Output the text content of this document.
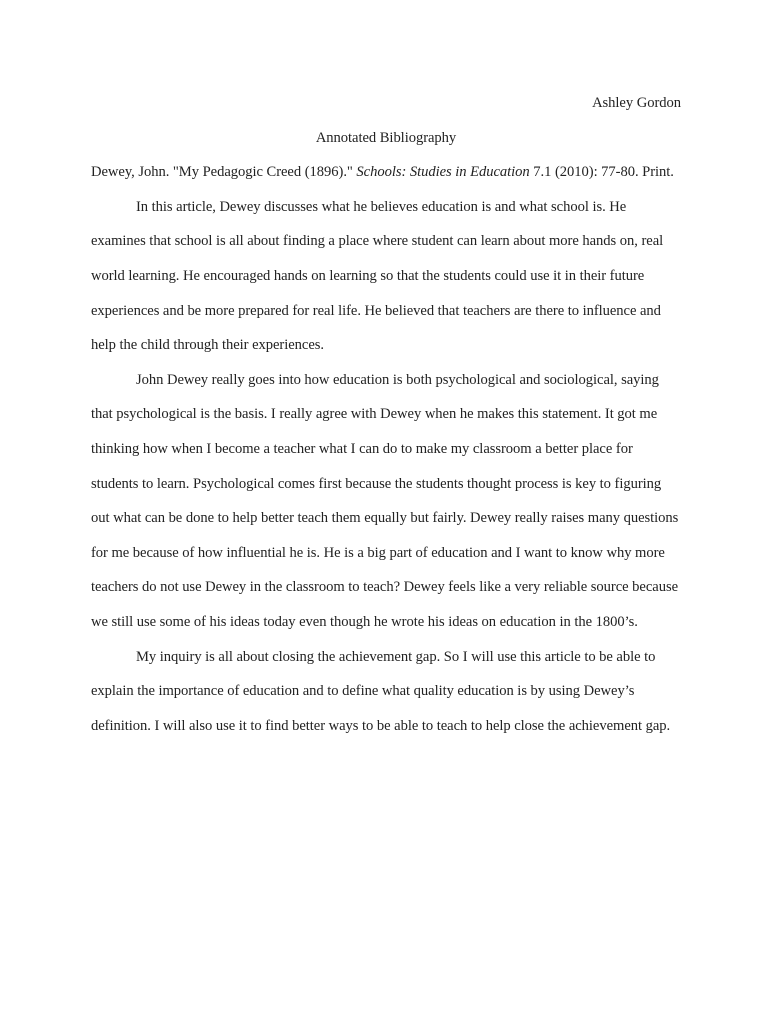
Ashley Gordon

Annotated Bibliography

Dewey, John. "My Pedagogic Creed (1896)." Schools: Studies in Education 7.1 (2010): 77-80. Print.

In this article, Dewey discusses what he believes education is and what school is. He examines that school is all about finding a place where student can learn about more hands on, real world learning. He encouraged hands on learning so that the students could use it in their future experiences and be more prepared for real life. He believed that teachers are there to influence and help the child through their experiences.

John Dewey really goes into how education is both psychological and sociological, saying that psychological is the basis. I really agree with Dewey when he makes this statement. It got me thinking how when I become a teacher what I can do to make my classroom a better place for students to learn. Psychological comes first because the students thought process is key to figuring out what can be done to help better teach them equally but fairly. Dewey really raises many questions for me because of how influential he is. He is a big part of education and I want to know why more teachers do not use Dewey in the classroom to teach? Dewey feels like a very reliable source because we still use some of his ideas today even though he wrote his ideas on education in the 1800’s.

My inquiry is all about closing the achievement gap. So I will use this article to be able to explain the importance of education and to define what quality education is by using Dewey’s definition. I will also use it to find better ways to be able to teach to help close the achievement gap.
